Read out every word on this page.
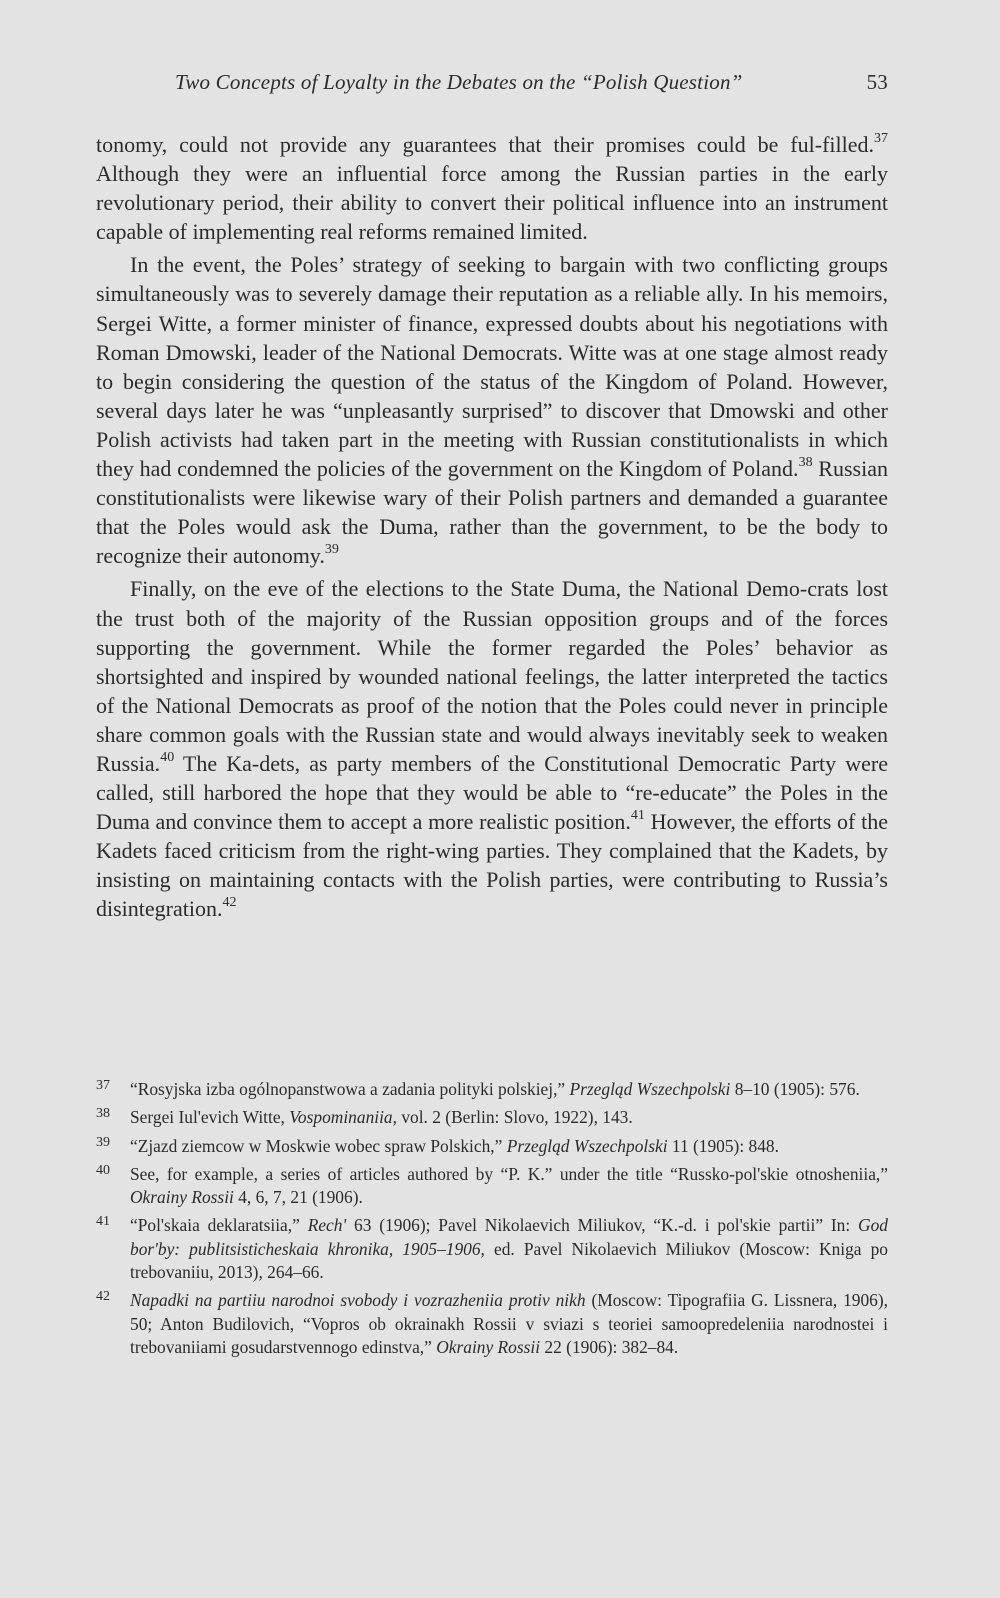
Two Concepts of Loyalty in the Debates on the “Polish Question”	53

tonomy, could not provide any guarantees that their promises could be ful-filled.$^{37}$ Although they were an influential force among the Russian parties in the early revolutionary period, their ability to convert their political influence into an instrument capable of implementing real reforms remained limited.

In the event, the Poles’ strategy of seeking to bargain with two conflicting groups simultaneously was to severely damage their reputation as a reliable ally. In his memoirs, Sergei Witte, a former minister of finance, expressed doubts about his negotiations with Roman Dmowski, leader of the National Democrats. Witte was at one stage almost ready to begin considering the question of the status of the Kingdom of Poland. However, several days later he was “unpleasantly surprised” to discover that Dmowski and other Polish activists had taken part in the meeting with Russian constitutionalists in which they had condemned the policies of the government on the Kingdom of Poland.$^{38}$ Russian constitutionalists were likewise wary of their Polish partners and demanded a guarantee that the Poles would ask the Duma, rather than the government, to be the body to recognize their autonomy.$^{39}$

Finally, on the eve of the elections to the State Duma, the National Demo-crats lost the trust both of the majority of the Russian opposition groups and of the forces supporting the government. While the former regarded the Poles’ behavior as shortsighted and inspired by wounded national feelings, the latter interpreted the tactics of the National Democrats as proof of the notion that the Poles could never in principle share common goals with the Russian state and would always inevitably seek to weaken Russia.$^{40}$ The Ka-dets, as party members of the Constitutional Democratic Party were called, still harbored the hope that they would be able to “re-educate” the Poles in the Duma and convince them to accept a more realistic position.$^{41}$ However, the efforts of the Kadets faced criticism from the right-wing parties. They complained that the Kadets, by insisting on maintaining contacts with the Polish parties, were contributing to Russia’s disintegration.$^{42}$

37 “Rosyjska izba ogólnopanstwowa a zadania polityki polskiej,” Przegląd Wszechpolski 8–10 (1905): 576.
38 Sergei Iul'evich Witte, Vospominaniia, vol. 2 (Berlin: Slovo, 1922), 143.
39 “Zjazd ziemcow w Moskwie wobec spraw Polskich,” Przegląd Wszechpolski 11 (1905): 848.
40 See, for example, a series of articles authored by “P. K.” under the title “Russko-pol'skie otnosheniia,” Okrainy Rossii 4, 6, 7, 21 (1906).
41 “Pol'skaia deklaratsiia,” Rech' 63 (1906); Pavel Nikolaevich Miliukov, “K.-d. i pol'skie partii” In: God bor'by: publitsisticheskaia khronika, 1905–1906, ed. Pavel Nikolaevich Miliukov (Moscow: Kniga po trebovaniiu, 2013), 264–66.
42 Napadki na partiiu narodnoi svobody i vozrazheniia protiv nikh (Moscow: Tipografiia G. Lissnera, 1906), 50; Anton Budilovich, “Vopros ob okrainakh Rossii v sviazi s teoriei samoopredeleniia narodnostei i trebovaniiami gosudarstvennogo edinstva,” Okrainy Rossii 22 (1906): 382–84.
